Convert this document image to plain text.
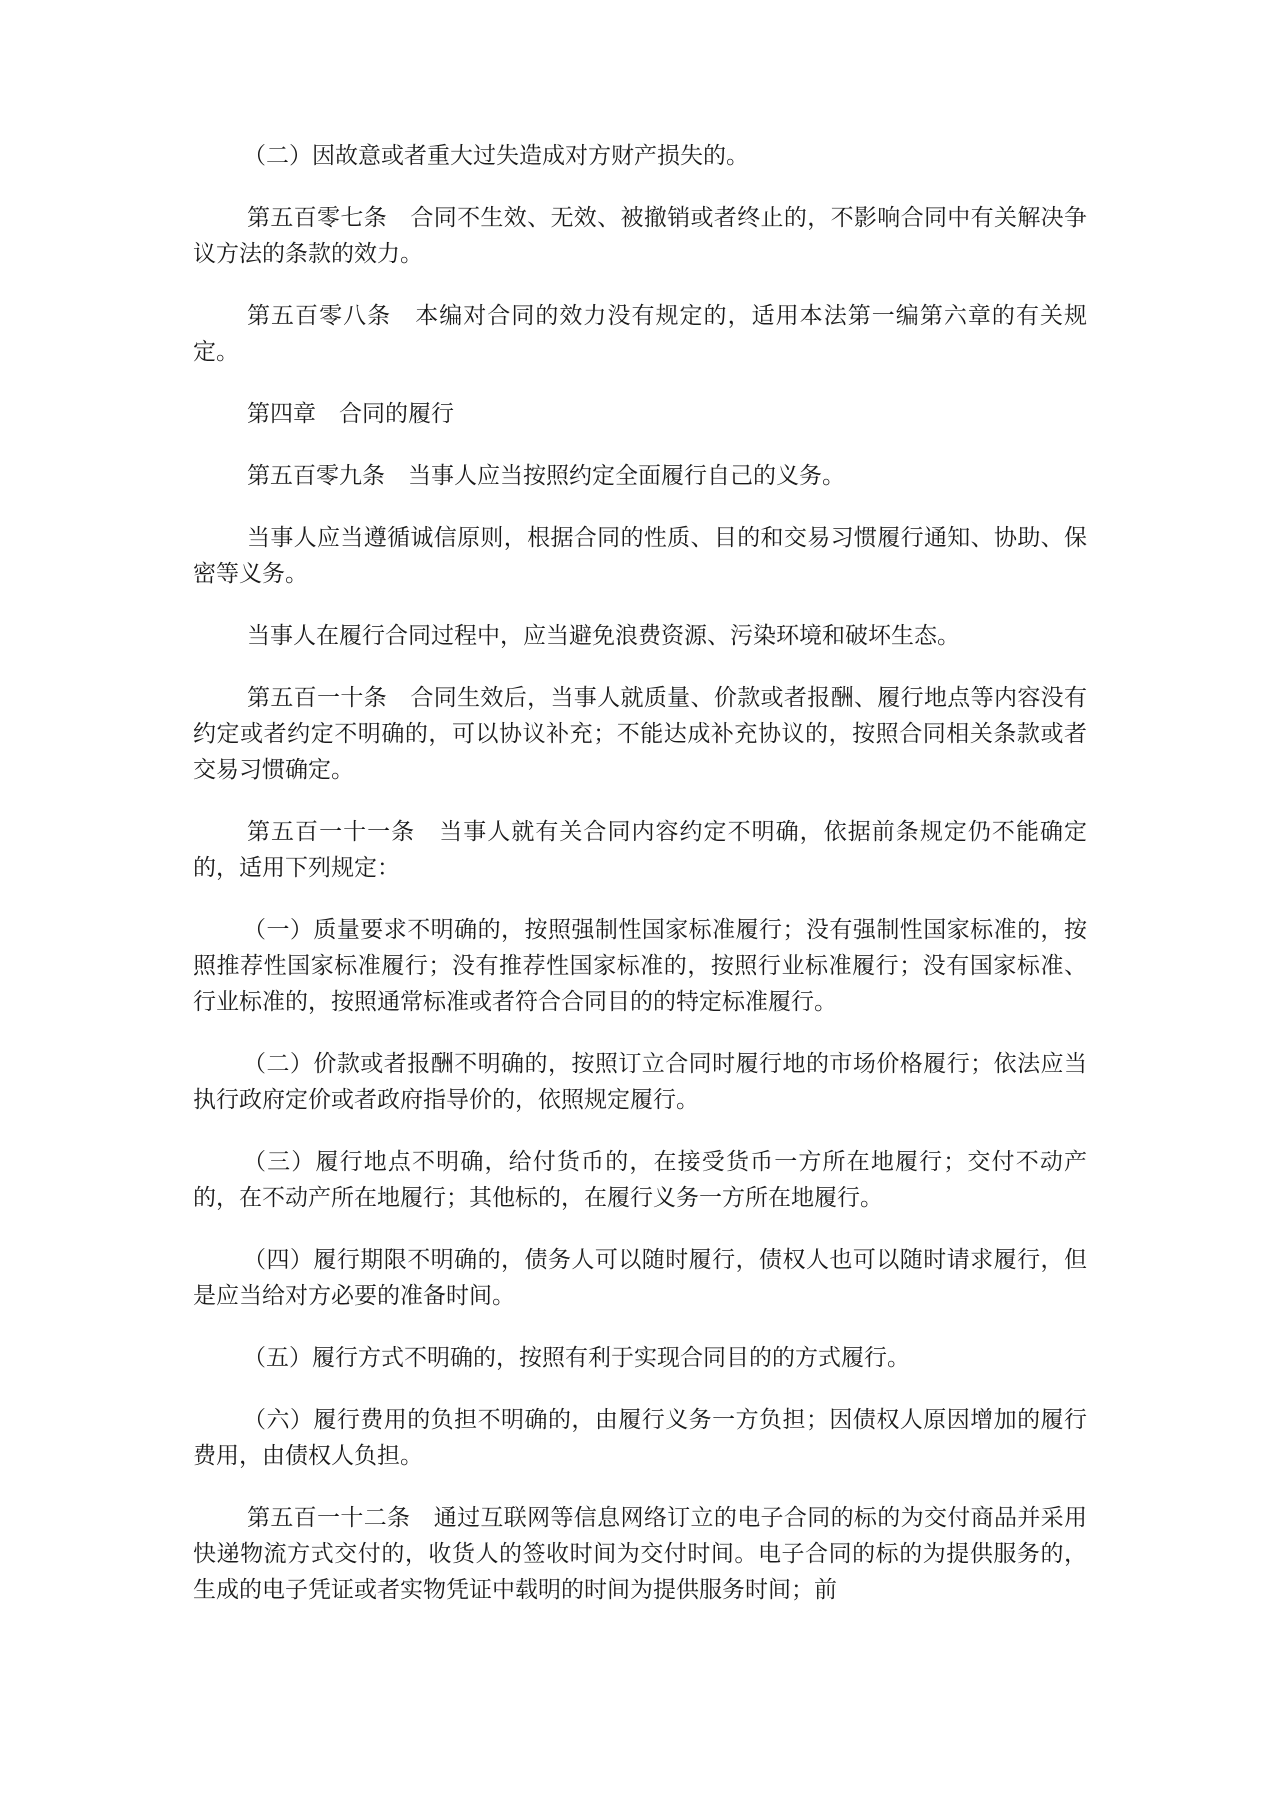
（二）因故意或者重大过失造成对方财产损失的。

第五百零七条　合同不生效、无效、被撤销或者终止的，不影响合同中有关解决争议方法的条款的效力。

第五百零八条　本编对合同的效力没有规定的，适用本法第一编第六章的有关规定。

第四章　合同的履行

第五百零九条　当事人应当按照约定全面履行自己的义务。

当事人应当遵循诚信原则，根据合同的性质、目的和交易习惯履行通知、协助、保密等义务。

当事人在履行合同过程中，应当避免浪费资源、污染环境和破坏生态。

第五百一十条　合同生效后，当事人就质量、价款或者报酬、履行地点等内容没有约定或者约定不明确的，可以协议补充；不能达成补充协议的，按照合同相关条款或者交易习惯确定。

第五百一十一条　当事人就有关合同内容约定不明确，依据前条规定仍不能确定的，适用下列规定：

（一）质量要求不明确的，按照强制性国家标准履行；没有强制性国家标准的，按照推荐性国家标准履行；没有推荐性国家标准的，按照行业标准履行；没有国家标准、行业标准的，按照通常标准或者符合合同目的的特定标准履行。

（二）价款或者报酬不明确的，按照订立合同时履行地的市场价格履行；依法应当执行政府定价或者政府指导价的，依照规定履行。

（三）履行地点不明确，给付货币的，在接受货币一方所在地履行；交付不动产的，在不动产所在地履行；其他标的，在履行义务一方所在地履行。

（四）履行期限不明确的，债务人可以随时履行，债权人也可以随时请求履行，但是应当给对方必要的准备时间。

（五）履行方式不明确的，按照有利于实现合同目的的方式履行。

（六）履行费用的负担不明确的，由履行义务一方负担；因债权人原因增加的履行费用，由债权人负担。

第五百一十二条　通过互联网等信息网络订立的电子合同的标的为交付商品并采用快递物流方式交付的，收货人的签收时间为交付时间。电子合同的标的为提供服务的，生成的电子凭证或者实物凭证中载明的时间为提供服务时间；前
